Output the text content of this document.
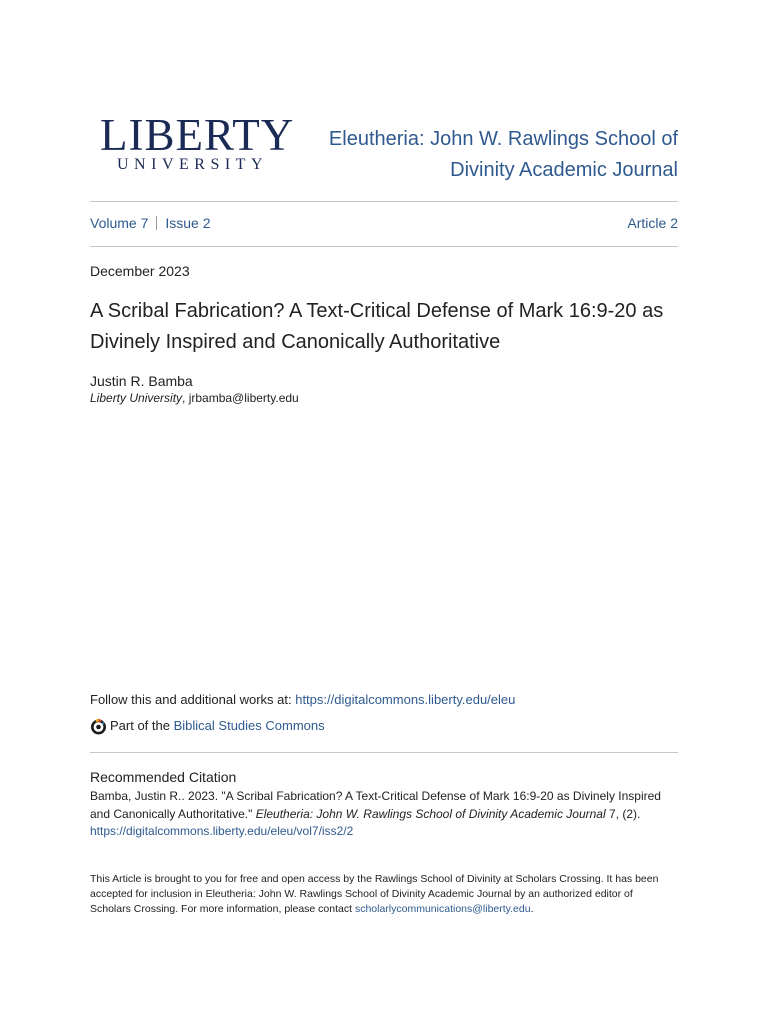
LIBERTY
UNIVERSITY
Eleutheria: John W. Rawlings School of Divinity Academic Journal
Volume 7 Issue 2	Article 2
December 2023
A Scribal Fabrication? A Text-Critical Defense of Mark 16:9-20 as Divinely Inspired and Canonically Authoritative
Justin R. Bamba
Liberty University, jrbamba@liberty.edu
Follow this and additional works at: https://digitalcommons.liberty.edu/eleu
Part of the
Biblical Studies Commons
Recommended Citation
Bamba, Justin R.. 2023. "A Scribal Fabrication? A Text-Critical Defense of Mark 16:9-20 as Divinely Inspired and Canonically Authoritative." Eleutheria: John W. Rawlings School of Divinity Academic Journal 7, (2). https://digitalcommons.liberty.edu/eleu/vol7/iss2/2
This Article is brought to you for free and open access by the Rawlings School of Divinity at Scholars Crossing. It has been accepted for inclusion in Eleutheria: John W. Rawlings School of Divinity Academic Journal by an authorized editor of Scholars Crossing. For more information, please contact scholarlycommunications@liberty.edu.
